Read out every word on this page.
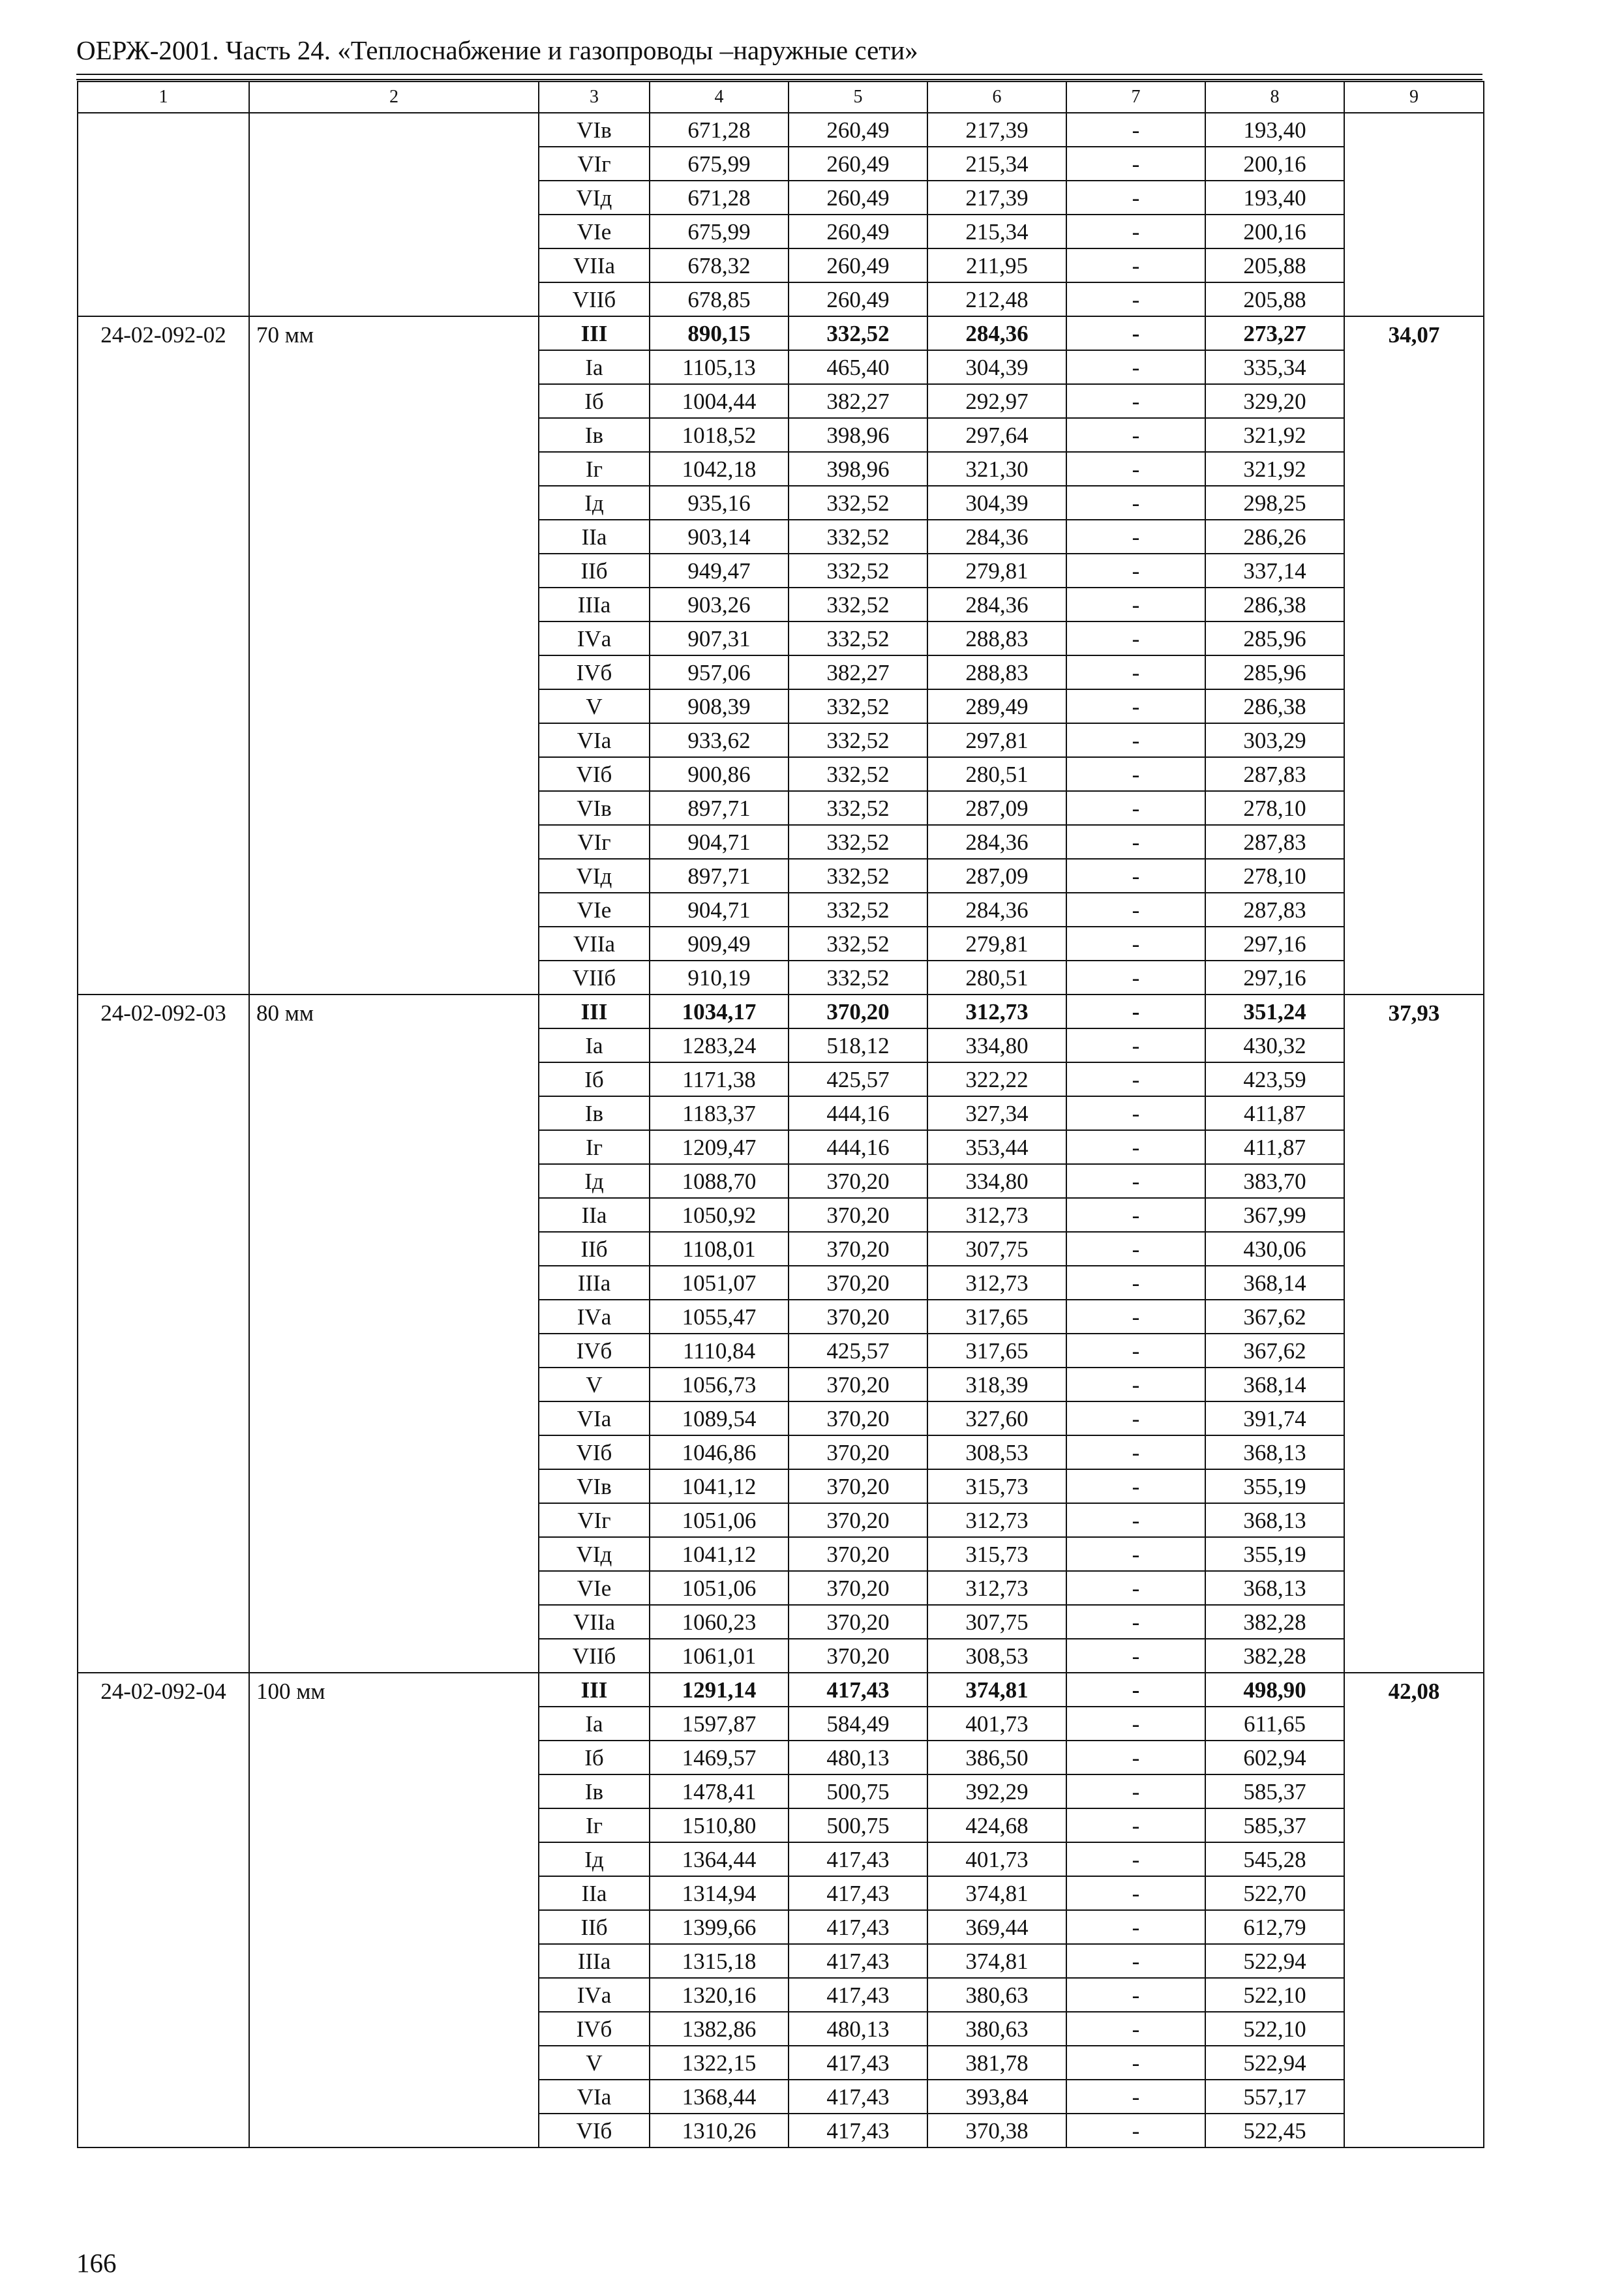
ОЕРЖ-2001. Часть 24. «Теплоснабжение и газопроводы –наружные сети»
1	2	3	4	5	6	7	8	9
		VIв	671,28	260,49	217,39	-	193,40	
		VIг	675,99	260,49	215,34	-	200,16	
		VIд	671,28	260,49	217,39	-	193,40	
		VIе	675,99	260,49	215,34	-	200,16	
		VIIа	678,32	260,49	211,95	-	205,88	
		VIIб	678,85	260,49	212,48	-	205,88	
24-02-092-02	70 мм	III	890,15	332,52	284,36	-	273,27	34,07
		Iа	1105,13	465,40	304,39	-	335,34	
		Iб	1004,44	382,27	292,97	-	329,20	
		Iв	1018,52	398,96	297,64	-	321,92	
		Iг	1042,18	398,96	321,30	-	321,92	
		Iд	935,16	332,52	304,39	-	298,25	
		IIа	903,14	332,52	284,36	-	286,26	
		IIб	949,47	332,52	279,81	-	337,14	
		IIIа	903,26	332,52	284,36	-	286,38	
		IVа	907,31	332,52	288,83	-	285,96	
		IVб	957,06	382,27	288,83	-	285,96	
		V	908,39	332,52	289,49	-	286,38	
		VIа	933,62	332,52	297,81	-	303,29	
		VIб	900,86	332,52	280,51	-	287,83	
		VIв	897,71	332,52	287,09	-	278,10	
		VIг	904,71	332,52	284,36	-	287,83	
		VIд	897,71	332,52	287,09	-	278,10	
		VIе	904,71	332,52	284,36	-	287,83	
		VIIа	909,49	332,52	279,81	-	297,16	
		VIIб	910,19	332,52	280,51	-	297,16	
24-02-092-03	80 мм	III	1034,17	370,20	312,73	-	351,24	37,93
		Iа	1283,24	518,12	334,80	-	430,32	
		Iб	1171,38	425,57	322,22	-	423,59	
		Iв	1183,37	444,16	327,34	-	411,87	
		Iг	1209,47	444,16	353,44	-	411,87	
		Iд	1088,70	370,20	334,80	-	383,70	
		IIа	1050,92	370,20	312,73	-	367,99	
		IIб	1108,01	370,20	307,75	-	430,06	
		IIIа	1051,07	370,20	312,73	-	368,14	
		IVа	1055,47	370,20	317,65	-	367,62	
		IVб	1110,84	425,57	317,65	-	367,62	
		V	1056,73	370,20	318,39	-	368,14	
		VIа	1089,54	370,20	327,60	-	391,74	
		VIб	1046,86	370,20	308,53	-	368,13	
		VIв	1041,12	370,20	315,73	-	355,19	
		VIг	1051,06	370,20	312,73	-	368,13	
		VIд	1041,12	370,20	315,73	-	355,19	
		VIе	1051,06	370,20	312,73	-	368,13	
		VIIа	1060,23	370,20	307,75	-	382,28	
		VIIб	1061,01	370,20	308,53	-	382,28	
24-02-092-04	100 мм	III	1291,14	417,43	374,81	-	498,90	42,08
		Iа	1597,87	584,49	401,73	-	611,65	
		Iб	1469,57	480,13	386,50	-	602,94	
		Iв	1478,41	500,75	392,29	-	585,37	
		Iг	1510,80	500,75	424,68	-	585,37	
		Iд	1364,44	417,43	401,73	-	545,28	
		IIа	1314,94	417,43	374,81	-	522,70	
		IIб	1399,66	417,43	369,44	-	612,79	
		IIIа	1315,18	417,43	374,81	-	522,94	
		IVа	1320,16	417,43	380,63	-	522,10	
		IVб	1382,86	480,13	380,63	-	522,10	
		V	1322,15	417,43	381,78	-	522,94	
		VIа	1368,44	417,43	393,84	-	557,17	
		VIб	1310,26	417,43	370,38	-	522,45	
166
